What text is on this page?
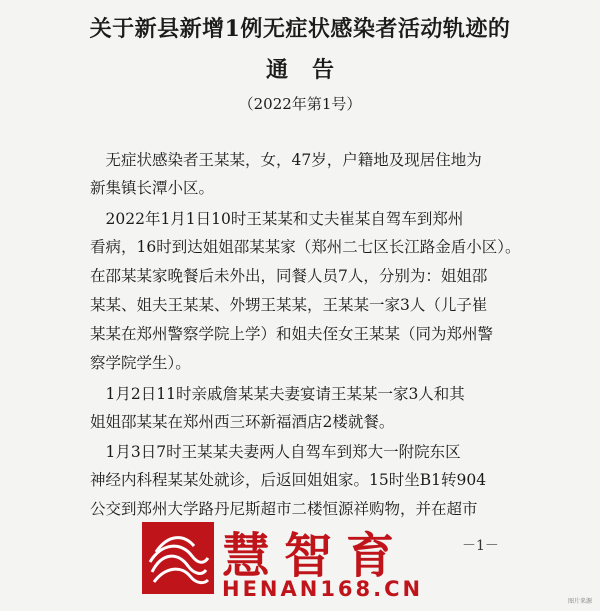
关于新县新增1例无症状感染者活动轨迹的
通告
（2022年第1号）
　无症状感染者王某某，女，47岁，户籍地及现居住地为
新集镇长潭小区。
　2022年1月1日10时王某某和丈夫崔某自驾车到郑州
看病，16时到达姐姐邵某某家（郑州二七区长江路金盾小区）。
在邵某某家晚餐后未外出，同餐人员7人，分别为：姐姐邵
某某、姐夫王某某、外甥王某某，王某某一家3人（儿子崔
某某在郑州警察学院上学）和姐夫侄女王某某（同为郑州警
察学院学生）。
　1月2日11时亲戚詹某某夫妻宴请王某某一家3人和其
姐姐邵某某在郑州西三环新福酒店2楼就餐。
　1月3日7时王某某夫妻两人自驾车到郑大一附院东区
神经内科程某某处就诊，后返回姐姐家。15时坐B1转904
公交到郑州大学路丹尼斯超市二楼恒源祥购物，并在超市
－1－
慧智育
HENAN168.CN
图片来源
